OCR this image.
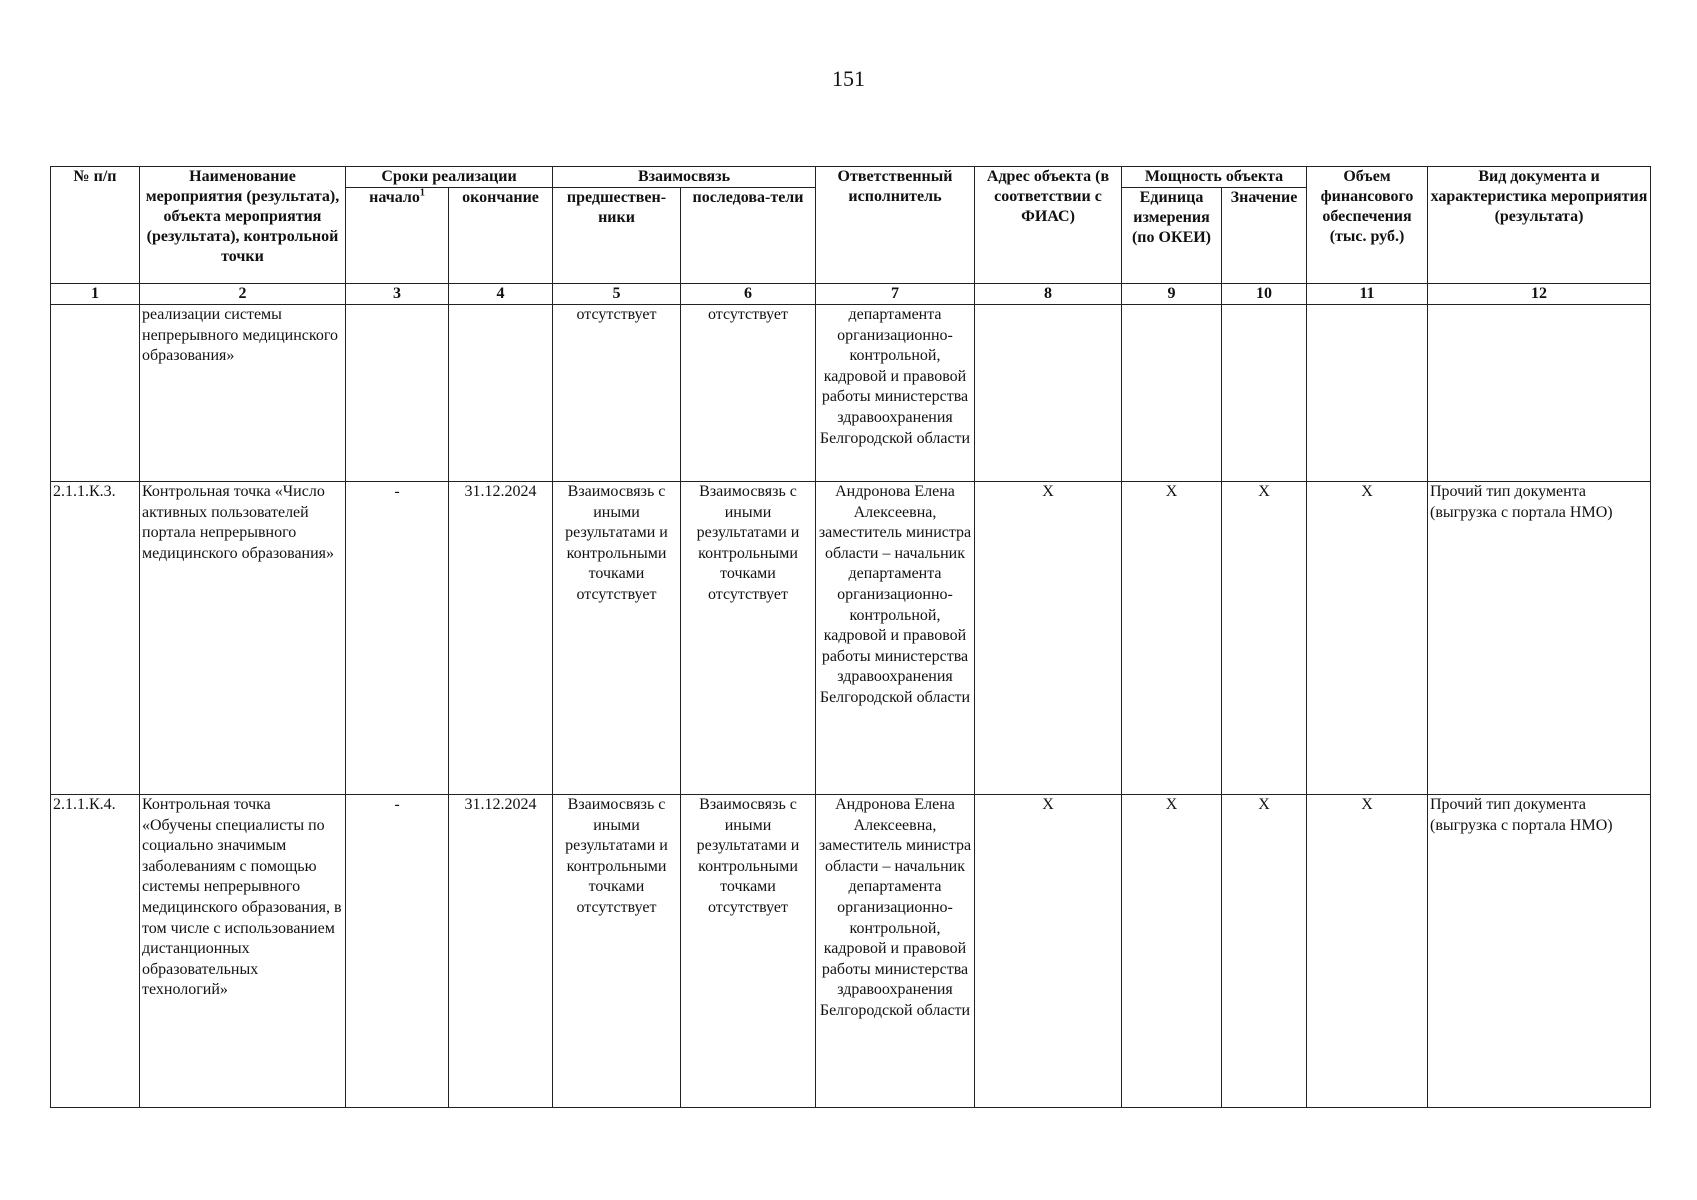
151
№ п/п	Наименование мероприятия (результата), объекта мероприятия (результата), контрольной точки	Сроки реализации		Взаимосвязь		Ответственный исполнитель	Адрес объекта (в соответствии с ФИАС)	Мощность объекта		Объем финансового обеспечения (тыс. руб.)	Вид документа и характеристика мероприятия (результата)
		начало$^1$	окончание	предшествен-ники	последова-тели			Единица измерения (по ОКЕИ)	Значение		
1	2	3	4	5	6	7	8	9	10	11	12
	реализации системы непрерывного медицинского образования»			отсутствует	отсутствует	департамента организационно-контрольной, кадровой и правовой работы министерства здравоохранения Белгородской области					
2.1.1.К.3.	Контрольная точка «Число активных пользователей портала непрерывного медицинского образования»	-	31.12.2024	Взаимосвязь с иными результатами и контрольными точками отсутствует	Взаимосвязь с иными результатами и контрольными точками отсутствует	Андронова Елена Алексеевна, заместитель министра области – начальник департамента организационно-контрольной, кадровой и правовой работы министерства здравоохранения Белгородской области	X	X	X	X	Прочий тип документа (выгрузка с портала НМО)
2.1.1.К.4.	Контрольная точка «Обучены специалисты по социально значимым заболеваниям с помощью системы непрерывного медицинского образования, в том числе с использованием дистанционных образовательных технологий»	-	31.12.2024	Взаимосвязь с иными результатами и контрольными точками отсутствует	Взаимосвязь с иными результатами и контрольными точками отсутствует	Андронова Елена Алексеевна, заместитель министра области – начальник департамента организационно-контрольной, кадровой и правовой работы министерства здравоохранения Белгородской области	X	X	X	X	Прочий тип документа (выгрузка с портала НМО)
